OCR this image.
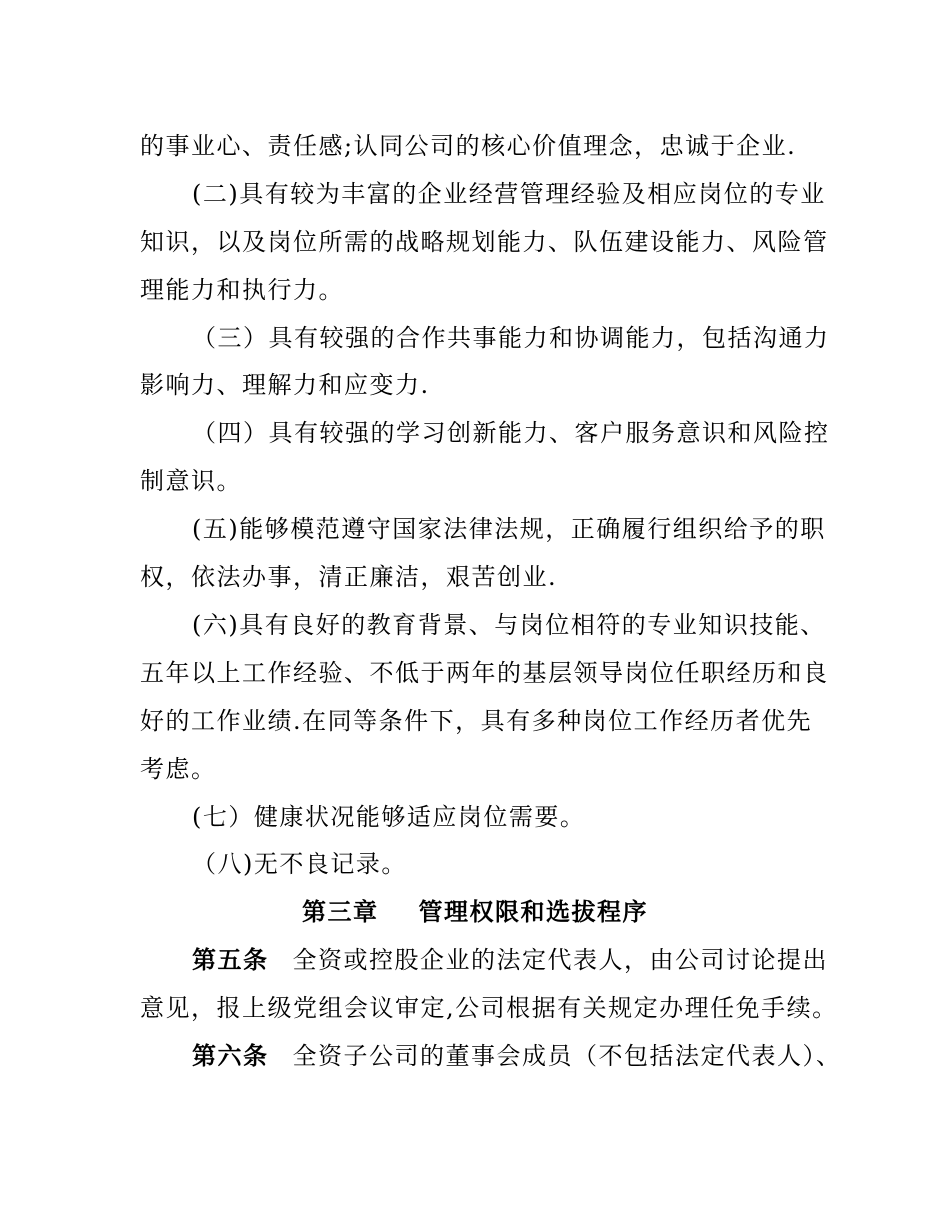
的事业心、责任感;认同公司的核心价值理念，忠诚于企业.
(二)具有较为丰富的企业经营管理经验及相应岗位的专业
知识，以及岗位所需的战略规划能力、队伍建设能力、风险管
理能力和执行力。
（三）具有较强的合作共事能力和协调能力，包括沟通力
影响力、理解力和应变力.
（四）具有较强的学习创新能力、客户服务意识和风险控
制意识。
(五)能够模范遵守国家法律法规，正确履行组织给予的职
权，依法办事，清正廉洁，艰苦创业.
(六)具有良好的教育背景、与岗位相符的专业知识技能、
五年以上工作经验、不低于两年的基层领导岗位任职经历和良
好的工作业绩.在同等条件下，具有多种岗位工作经历者优先
考虑。
(七）健康状况能够适应岗位需要。
（八)无不良记录。
第三章 管理权限和选拔程序
第五条 全资或控股企业的法定代表人，由公司讨论提出
意见，报上级党组会议审定,公司根据有关规定办理任免手续。
第六条 全资子公司的董事会成员（不包括法定代表人）、
